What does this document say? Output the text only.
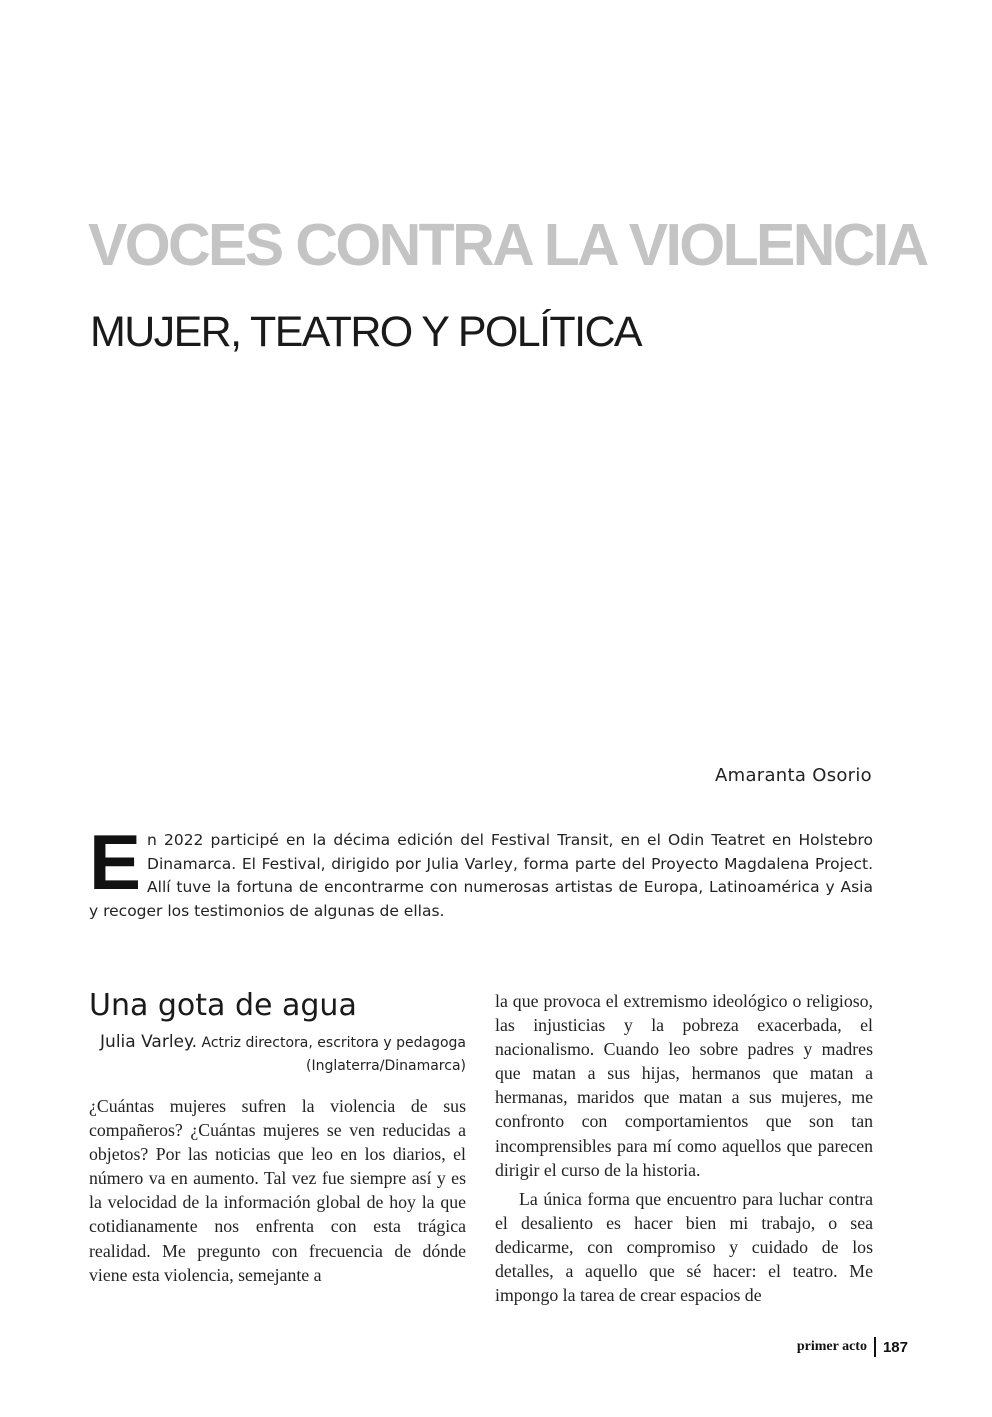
VOCES CONTRA LA VIOLENCIA
MUJER, TEATRO Y POLÍTICA
Amaranta Osorio
E n 2022 participé en la décima edición del Festival Transit, en el Odin Teatret en Holstebro Dinamarca. El Festival, dirigido por Julia Varley, forma parte del Proyecto Magdalena Project. Allí tuve la fortuna de encontrarme con numerosas artistas de Europa, Latinoamérica y Asia y recoger los testimonios de algunas de ellas.
Una gota de agua
Julia Varley. Actriz directora, escritora y pedagoga (Inglaterra/Dinamarca)

¿Cuántas mujeres sufren la violencia de sus compañeros? ¿Cuántas mujeres se ven reducidas a objetos? Por las noticias que leo en los diarios, el número va en aumento. Tal vez fue siempre así y es la velocidad de la información global de hoy la que cotidianamente nos enfrenta con esta trágica realidad. Me pregunto con frecuencia de dónde viene esta violencia, semejante a

la que provoca el extremismo ideológico o religioso, las injusticias y la pobreza exacerbada, el nacionalismo. Cuando leo sobre padres y madres que matan a sus hijas, hermanos que matan a hermanas, maridos que matan a sus mujeres, me confronto con comportamientos que son tan incomprensibles para mí como aquellos que parecen dirigir el curso de la historia.

La única forma que encuentro para luchar contra el desaliento es hacer bien mi trabajo, o sea dedicarme, con compromiso y cuidado de los detalles, a aquello que sé hacer: el teatro. Me impongo la tarea de crear espacios de

primer acto 187
